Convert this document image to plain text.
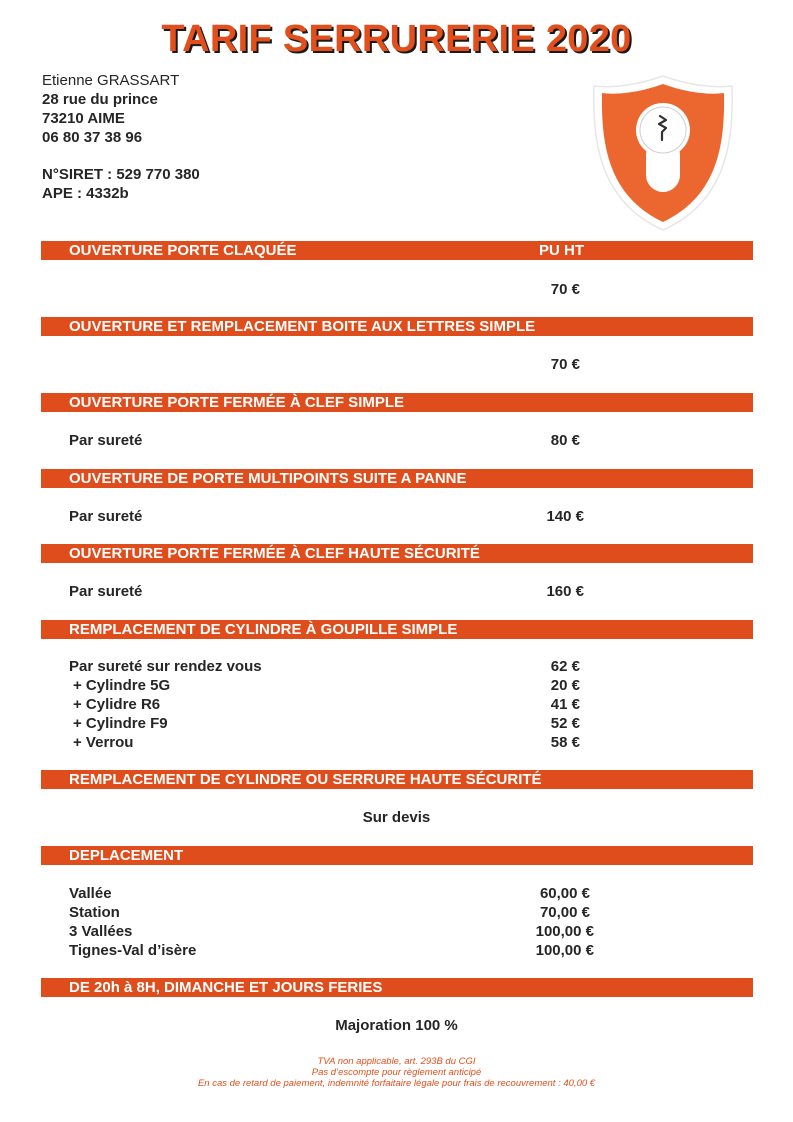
TARIF SERRURERIE 2020
Etienne GRASSART
28 rue du prince
73210 AIME
06 80 37 38 96
N°SIRET : 529 770 380
APE : 4332b
OUVERTURE PORTE CLAQUÉE	PU HT
70 €
OUVERTURE ET REMPLACEMENT BOITE AUX LETTRES SIMPLE
70 €
OUVERTURE PORTE FERMÉE À CLEF SIMPLE
Par sureté	80 €
OUVERTURE DE PORTE MULTIPOINTS SUITE A PANNE
Par sureté	140 €
OUVERTURE PORTE FERMÉE À CLEF HAUTE SÉCURITÉ
Par sureté	160 €
REMPLACEMENT DE CYLINDRE À GOUPILLE SIMPLE
Par sureté sur rendez vous	62 €
+ Cylindre 5G	20 €
+ Cylidre R6	41 €
+ Cylindre F9	52 €
+ Verrou	58 €
REMPLACEMENT DE CYLINDRE OU SERRURE HAUTE SÉCURITÉ
Sur devis
DEPLACEMENT
Vallée	60,00 €
Station	70,00 €
3 Vallées	100,00 €
Tignes-Val d’isère	100,00 €
DE 20h à 8H, DIMANCHE ET JOURS FERIES
Majoration 100 %
TVA non applicable, art. 293B du CGI
Pas d’escompte pour règlement anticipé
En cas de retard de paiement, indemnité forfaitaire légale pour frais de recouvrement : 40,00 €
